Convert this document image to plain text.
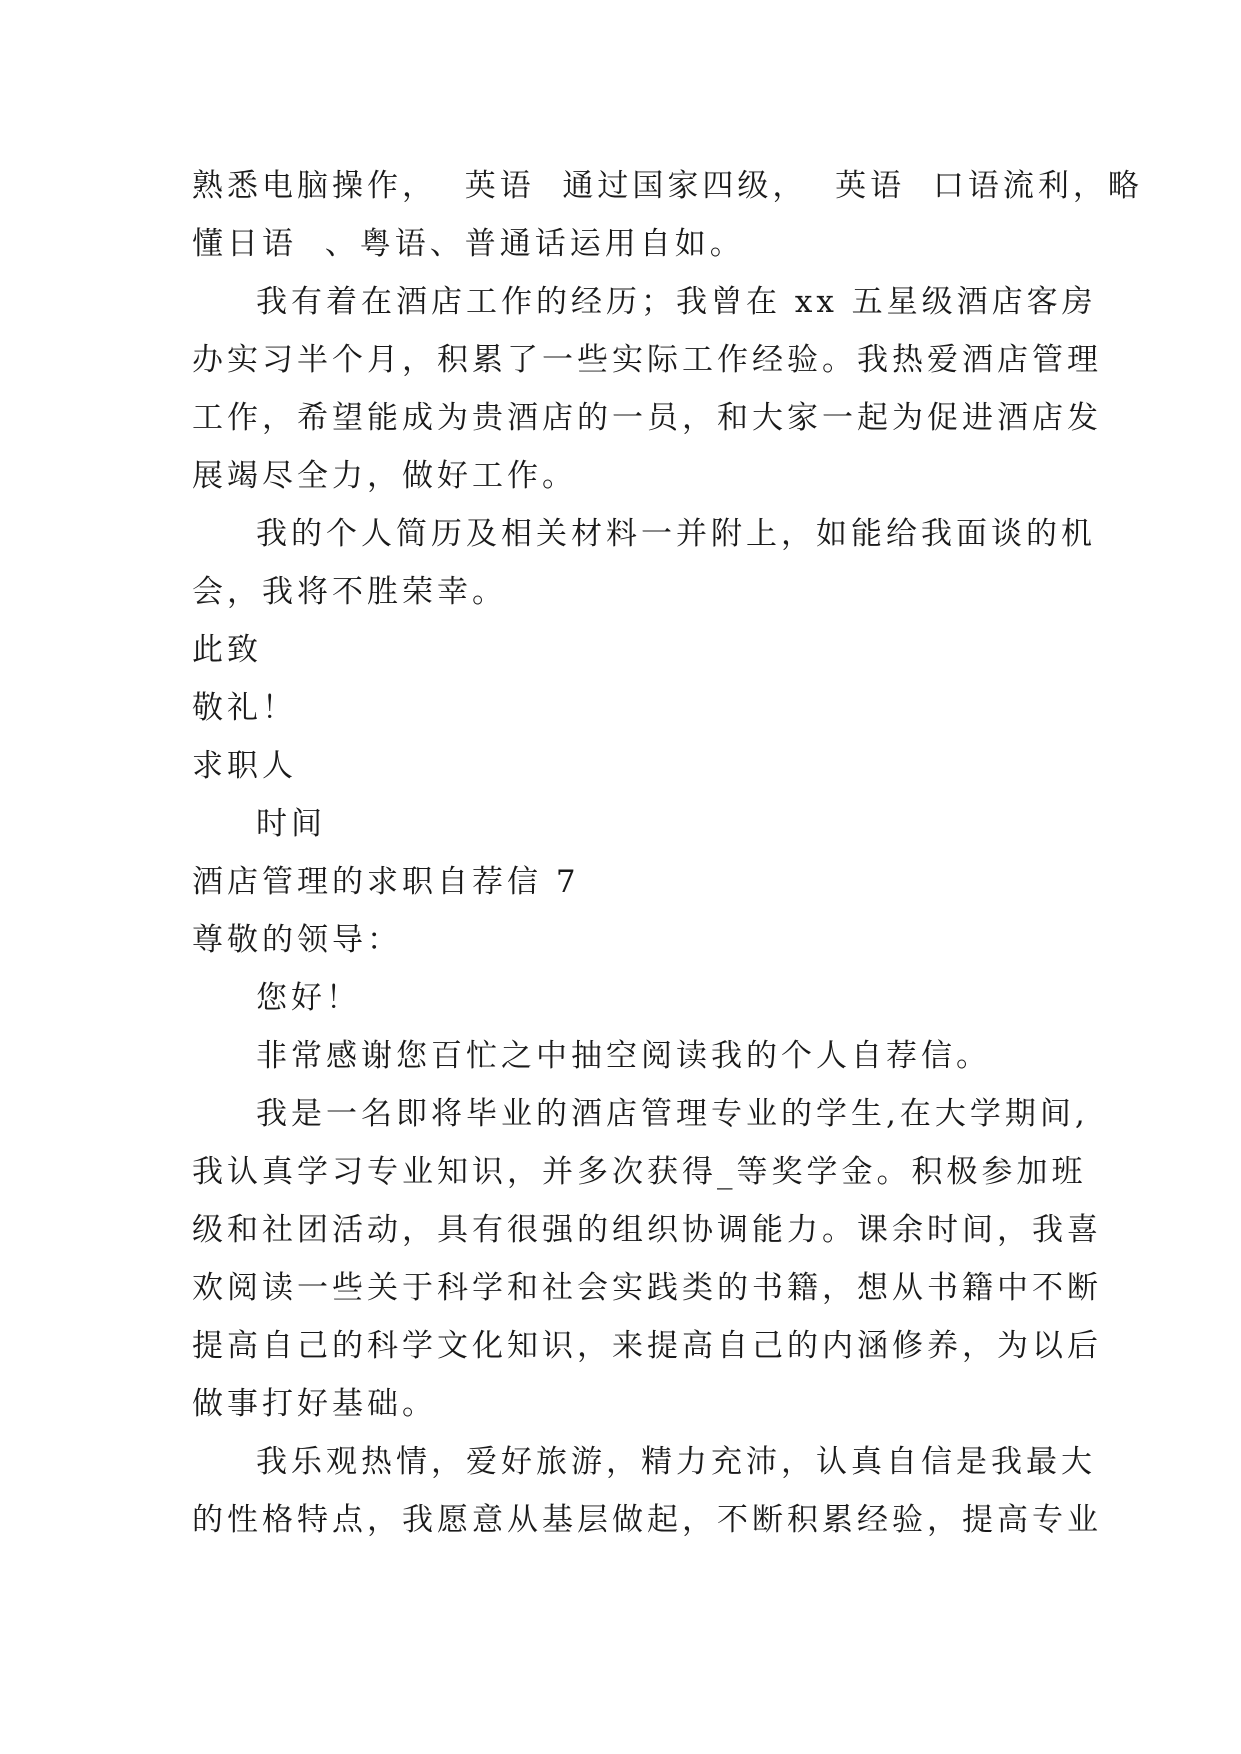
熟悉电脑操作，  英语  通过国家四级，  英语  口语流利，略
懂日语  、粤语、普通话运用自如。
我有着在酒店工作的经历；我曾在 xx 五星级酒店客房
办实习半个月，积累了一些实际工作经验。我热爱酒店管理
工作，希望能成为贵酒店的一员，和大家一起为促进酒店发
展竭尽全力，做好工作。
我的个人简历及相关材料一并附上，如能给我面谈的机
会，我将不胜荣幸。
此致
敬礼！
求职人
时间
酒店管理的求职自荐信 7
尊敬的领导：
您好！
非常感谢您百忙之中抽空阅读我的个人自荐信。
我是一名即将毕业的酒店管理专业的学生,在大学期间,
我认真学习专业知识，并多次获得_等奖学金。积极参加班
级和社团活动，具有很强的组织协调能力。课余时间，我喜
欢阅读一些关于科学和社会实践类的书籍，想从书籍中不断
提高自己的科学文化知识，来提高自己的内涵修养，为以后
做事打好基础。
我乐观热情，爱好旅游，精力充沛，认真自信是我最大
的性格特点，我愿意从基层做起，不断积累经验，提高专业
